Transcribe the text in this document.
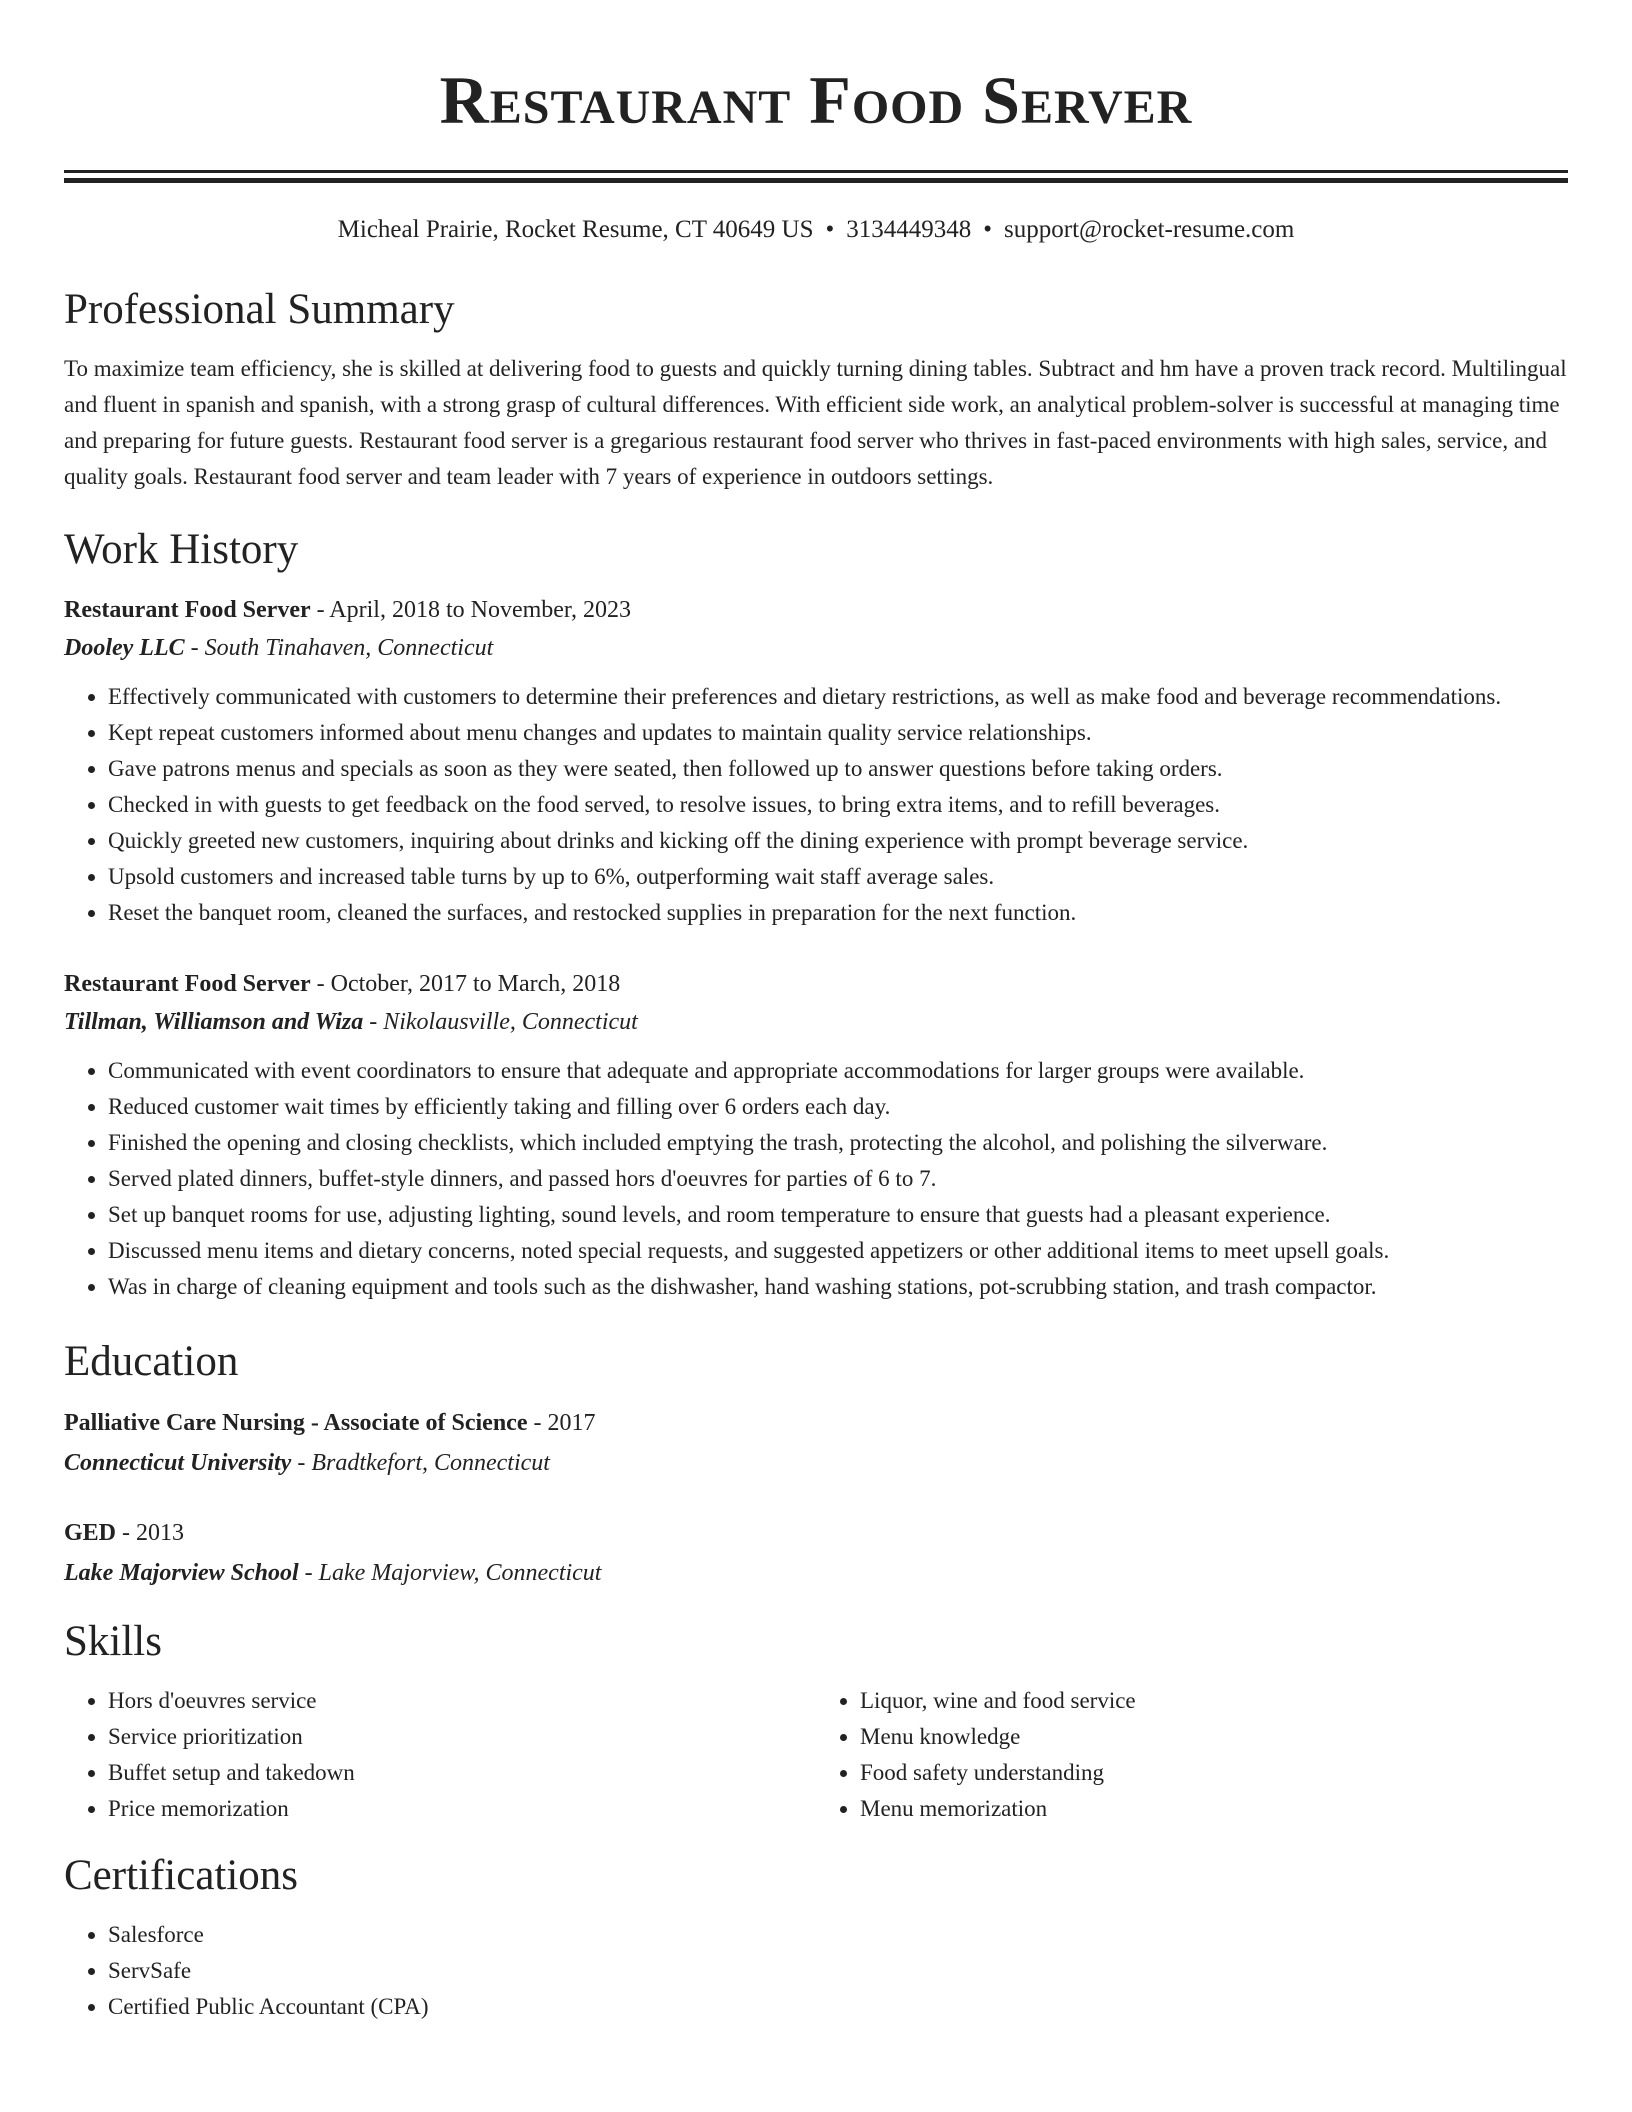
Restaurant Food Server
Micheal Prairie, Rocket Resume, CT 40649 US • 3134449348 • support@rocket-resume.com
Professional Summary

To maximize team efficiency, she is skilled at delivering food to guests and quickly turning dining tables. Subtract and hm have a proven track record. Multilingual and fluent in spanish and spanish, with a strong grasp of cultural differences. With efficient side work, an analytical problem-solver is successful at managing time and preparing for future guests. Restaurant food server is a gregarious restaurant food server who thrives in fast-paced environments with high sales, service, and quality goals. Restaurant food server and team leader with 7 years of experience in outdoors settings.

Work History
Restaurant Food Server - April, 2018 to November, 2023
Dooley LLC - South Tinahaven, Connecticut
• Effectively communicated with customers to determine their preferences and dietary restrictions, as well as make food and beverage recommendations.
• Kept repeat customers informed about menu changes and updates to maintain quality service relationships.
• Gave patrons menus and specials as soon as they were seated, then followed up to answer questions before taking orders.
• Checked in with guests to get feedback on the food served, to resolve issues, to bring extra items, and to refill beverages.
• Quickly greeted new customers, inquiring about drinks and kicking off the dining experience with prompt beverage service.
• Upsold customers and increased table turns by up to 6%, outperforming wait staff average sales.
• Reset the banquet room, cleaned the surfaces, and restocked supplies in preparation for the next function.
Restaurant Food Server - October, 2017 to March, 2018
Tillman, Williamson and Wiza - Nikolausville, Connecticut
• Communicated with event coordinators to ensure that adequate and appropriate accommodations for larger groups were available.
• Reduced customer wait times by efficiently taking and filling over 6 orders each day.
• Finished the opening and closing checklists, which included emptying the trash, protecting the alcohol, and polishing the silverware.
• Served plated dinners, buffet-style dinners, and passed hors d'oeuvres for parties of 6 to 7.
• Set up banquet rooms for use, adjusting lighting, sound levels, and room temperature to ensure that guests had a pleasant experience.
• Discussed menu items and dietary concerns, noted special requests, and suggested appetizers or other additional items to meet upsell goals.
• Was in charge of cleaning equipment and tools such as the dishwasher, hand washing stations, pot-scrubbing station, and trash compactor.
Education
Palliative Care Nursing - Associate of Science - 2017
Connecticut University - Bradtkefort, Connecticut
GED - 2013
Lake Majorview School - Lake Majorview, Connecticut
Skills
• Hors d'oeuvres service
• Service prioritization
• Buffet setup and takedown
• Price memorization
• Liquor, wine and food service
• Menu knowledge
• Food safety understanding
• Menu memorization
Certifications
• Salesforce
• ServSafe
• Certified Public Accountant (CPA)
